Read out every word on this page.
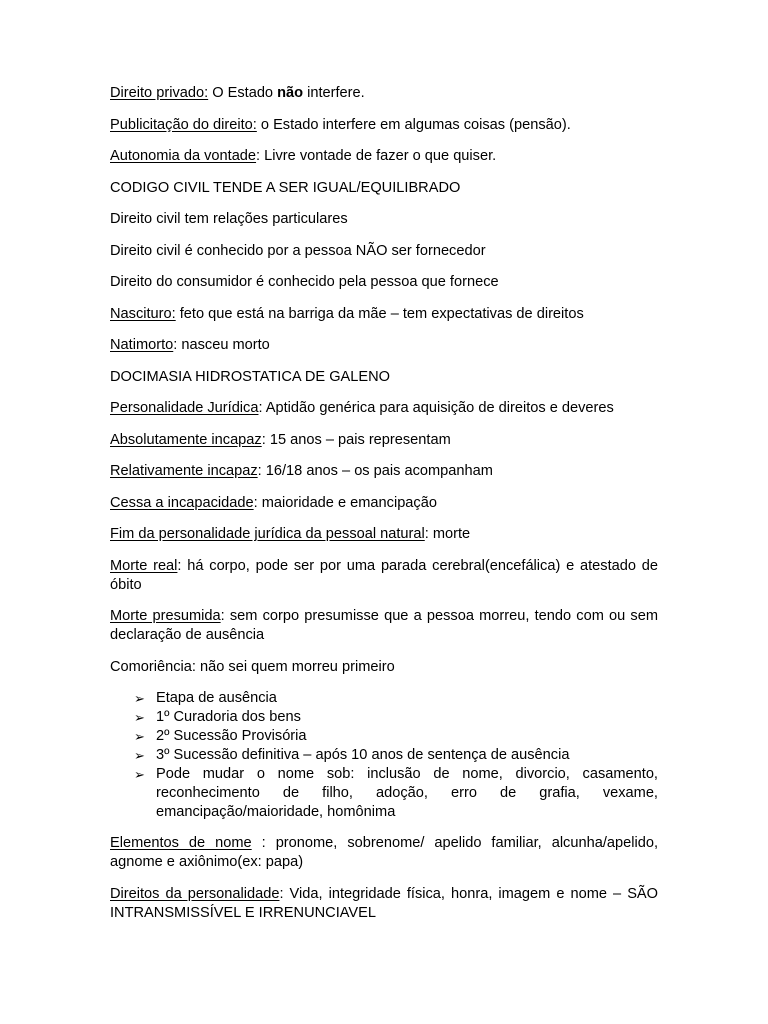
Direito privado: O Estado não interfere.

Publicitação do direito: o Estado interfere em algumas coisas (pensão).

Autonomia da vontade: Livre vontade de fazer o que quiser.

CODIGO CIVIL TENDE A SER IGUAL/EQUILIBRADO

Direito civil tem relações particulares

Direito civil é conhecido por a pessoa NÃO ser fornecedor

Direito do consumidor é conhecido pela pessoa que fornece

Nascituro: feto que está na barriga da mãe – tem expectativas de direitos

Natimorto: nasceu morto

DOCIMASIA HIDROSTATICA DE GALENO

Personalidade Jurídica: Aptidão genérica para aquisição de direitos e deveres

Absolutamente incapaz: 15 anos – pais representam

Relativamente incapaz: 16/18 anos – os pais acompanham

Cessa a incapacidade: maioridade e emancipação

Fim da personalidade jurídica da pessoal natural: morte

Morte real: há corpo, pode ser por uma parada cerebral(encefálica) e atestado de óbito

Morte presumida: sem corpo presumisse que a pessoa morreu, tendo com ou sem declaração de ausência

Comoriência: não sei quem morreu primeiro

➢ Etapa de ausência
➢ 1º Curadoria dos bens
➢ 2º Sucessão Provisória
➢ 3º Sucessão definitiva – após 10 anos de sentença de ausência
➢ Pode mudar o nome sob: inclusão de nome, divorcio, casamento, reconhecimento de filho, adoção, erro de grafia, vexame, emancipação/maioridade, homônima

Elementos de nome : pronome, sobrenome/ apelido familiar, alcunha/apelido, agnome e axiônimo(ex: papa)

Direitos da personalidade: Vida, integridade física, honra, imagem e nome – SÃO INTRANSMISSÍVEL E IRRENUNCIAVEL
